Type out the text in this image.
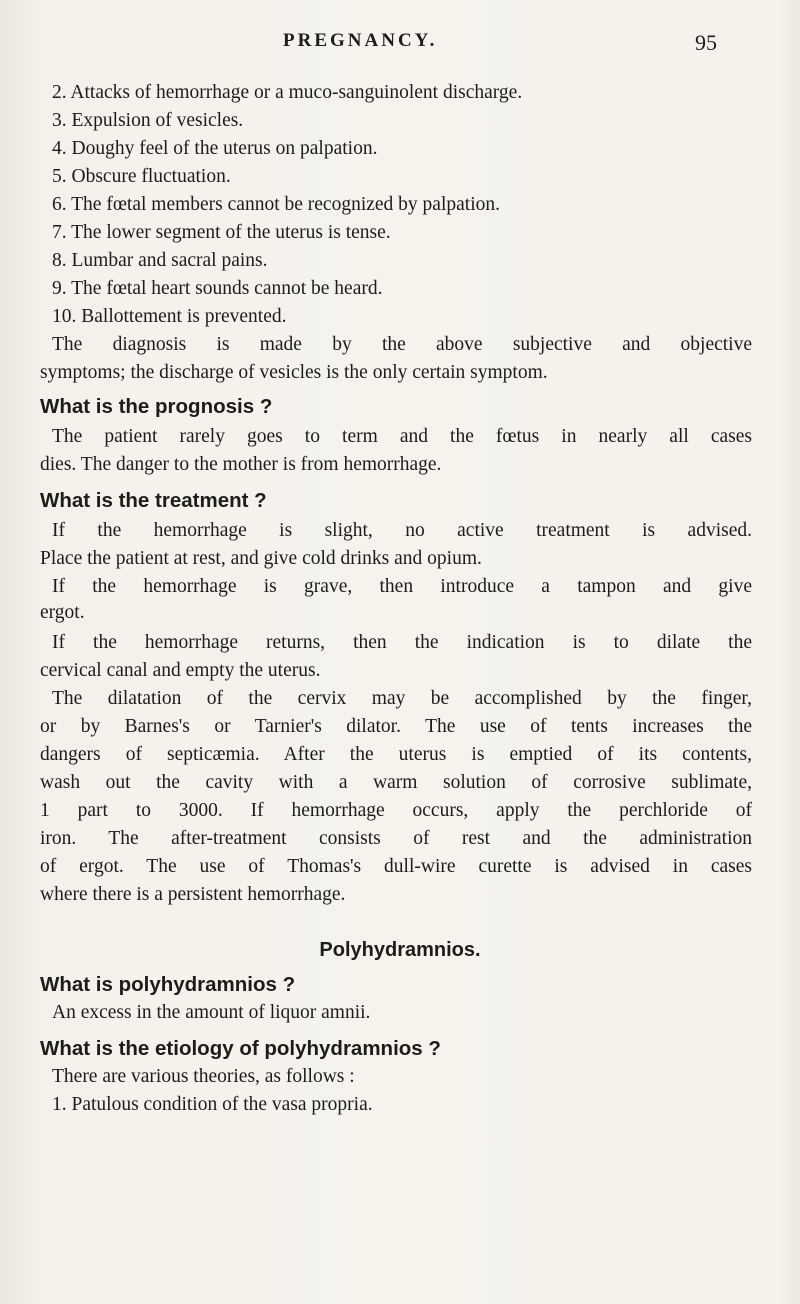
PREGNANCY.	95
2. Attacks of hemorrhage or a muco-sanguinolent discharge.
3. Expulsion of vesicles.
4. Doughy feel of the uterus on palpation.
5. Obscure fluctuation.
6. The fœtal members cannot be recognized by palpation.
7. The lower segment of the uterus is tense.
8. Lumbar and sacral pains.
9. The fœtal heart sounds cannot be heard.
10. Ballottement is prevented.
The diagnosis is made by the above subjective and objective
symptoms; the discharge of vesicles is the only certain symptom.
What is the prognosis ?
The patient rarely goes to term and the fœtus in nearly all cases
dies. The danger to the mother is from hemorrhage.
What is the treatment ?
If the hemorrhage is slight, no active treatment is advised.
Place the patient at rest, and give cold drinks and opium.
If the hemorrhage is grave, then introduce a tampon and give
ergot.
If the hemorrhage returns, then the indication is to dilate the
cervical canal and empty the uterus.
The dilatation of the cervix may be accomplished by the finger,
or by Barnes's or Tarnier's dilator. The use of tents increases the
dangers of septicæmia. After the uterus is emptied of its contents,
wash out the cavity with a warm solution of corrosive sublimate,
1 part to 3000. If hemorrhage occurs, apply the perchloride of
iron. The after-treatment consists of rest and the administration
of ergot. The use of Thomas's dull-wire curette is advised in cases
where there is a persistent hemorrhage.
Polyhydramnios.
What is polyhydramnios ?
An excess in the amount of liquor amnii.
What is the etiology of polyhydramnios ?
There are various theories, as follows :
1. Patulous condition of the vasa propria.
